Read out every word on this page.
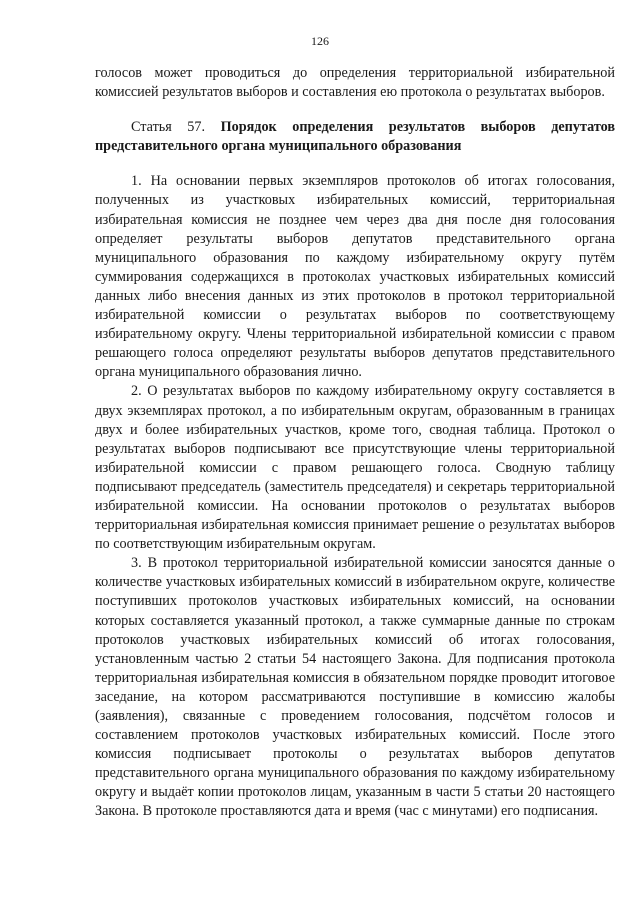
126

голосов может проводиться до определения территориальной избирательной комиссией результатов выборов и составления ею протокола о результатах выборов.

Статья 57. Порядок определения результатов выборов депутатов представительного органа муниципального образования

1. На основании первых экземпляров протоколов об итогах голосования, полученных из участковых избирательных комиссий, территориальная избирательная комиссия не позднее чем через два дня после дня голосования определяет результаты выборов депутатов представительного органа муниципального образования по каждому избирательному округу путём суммирования содержащихся в протоколах участковых избирательных комиссий данных либо внесения данных из этих протоколов в протокол территориальной избирательной комиссии о результатах выборов по соответствующему избирательному округу. Члены территориальной избирательной комиссии с правом решающего голоса определяют результаты выборов депутатов представительного органа муниципального образования лично.

2. О результатах выборов по каждому избирательному округу составляется в двух экземплярах протокол, а по избирательным округам, образованным в границах двух и более избирательных участков, кроме того, сводная таблица. Протокол о результатах выборов подписывают все присутствующие члены территориальной избирательной комиссии с правом решающего голоса. Сводную таблицу подписывают председатель (заместитель председателя) и секретарь территориальной избирательной комиссии. На основании протоколов о результатах выборов территориальная избирательная комиссия принимает решение о результатах выборов по соответствующим избирательным округам.

3. В протокол территориальной избирательной комиссии заносятся данные о количестве участковых избирательных комиссий в избирательном округе, количестве поступивших протоколов участковых избирательных комиссий, на основании которых составляется указанный протокол, а также суммарные данные по строкам протоколов участковых избирательных комиссий об итогах голосования, установленным частью 2 статьи 54 настоящего Закона. Для подписания протокола территориальная избирательная комиссия в обязательном порядке проводит итоговое заседание, на котором рассматриваются поступившие в комиссию жалобы (заявления), связанные с проведением голосования, подсчётом голосов и составлением протоколов участковых избирательных комиссий. После этого комиссия подписывает протоколы о результатах выборов депутатов представительного органа муниципального образования по каждому избирательному округу и выдаёт копии протоколов лицам, указанным в части 5 статьи 20 настоящего Закона. В протоколе проставляются дата и время (час с минутами) его подписания.
